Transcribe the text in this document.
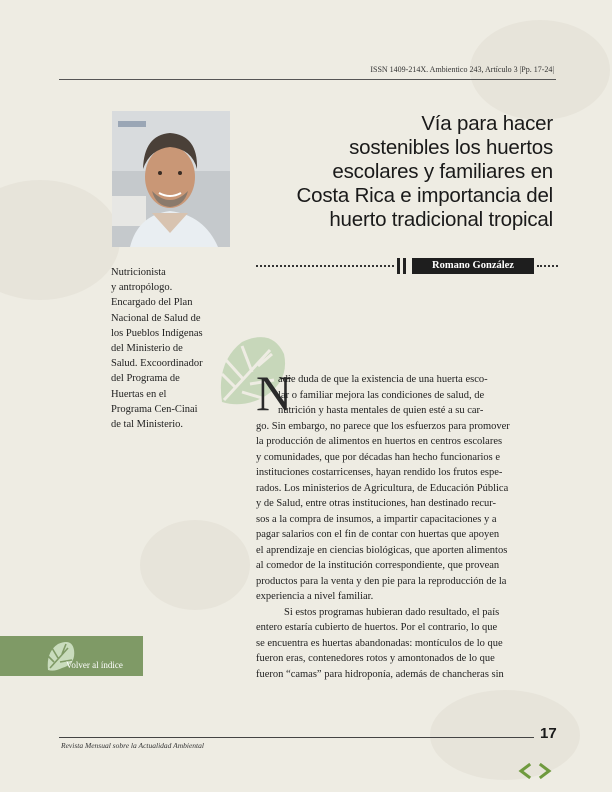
ISSN 1409-214X. Ambientico 243, Artículo 3 |Pp. 17-24|
Vía para hacer
sostenibles los huertos
escolares y familiares en
Costa Rica e importancia del
huerto tradicional tropical
Romano González
Nutricionista
y antropólogo.
Encargado del Plan
Nacional de Salud de
los Pueblos Indígenas
del Ministerio de
Salud. Excoordinador
del Programa de
Huertas en el
Programa Cen-Cinai
de tal Ministerio.
N
adie duda de que la existencia de una huerta esco-
lar o familiar mejora las condiciones de salud, de
nutrición y hasta mentales de quien esté a su car-
go. Sin embargo, no parece que los esfuerzos para promover
la producción de alimentos en huertos en centros escolares
y comunidades, que por décadas han hecho funcionarios e
instituciones costarricenses, hayan rendido los frutos espe-
rados. Los ministerios de Agricultura, de Educación Pública
y de Salud, entre otras instituciones, han destinado recur-
sos a la compra de insumos, a impartir capacitaciones y a
pagar salarios con el fin de contar con huertas que apoyen
el aprendizaje en ciencias biológicas, que aporten alimentos
al comedor de la institución correspondiente, que provean
productos para la venta y den pie para la reproducción de la
experiencia a nivel familiar.
Si estos programas hubieran dado resultado, el país
entero estaría cubierto de huertos. Por el contrario, lo que
se encuentra es huertas abandonadas: montículos de lo que
fueron eras, contenedores rotos y amontonados de lo que
fueron “camas” para hidroponía, además de chancheras sin
Volver al índice
17
Revista Mensual sobre la Actualidad Ambiental
